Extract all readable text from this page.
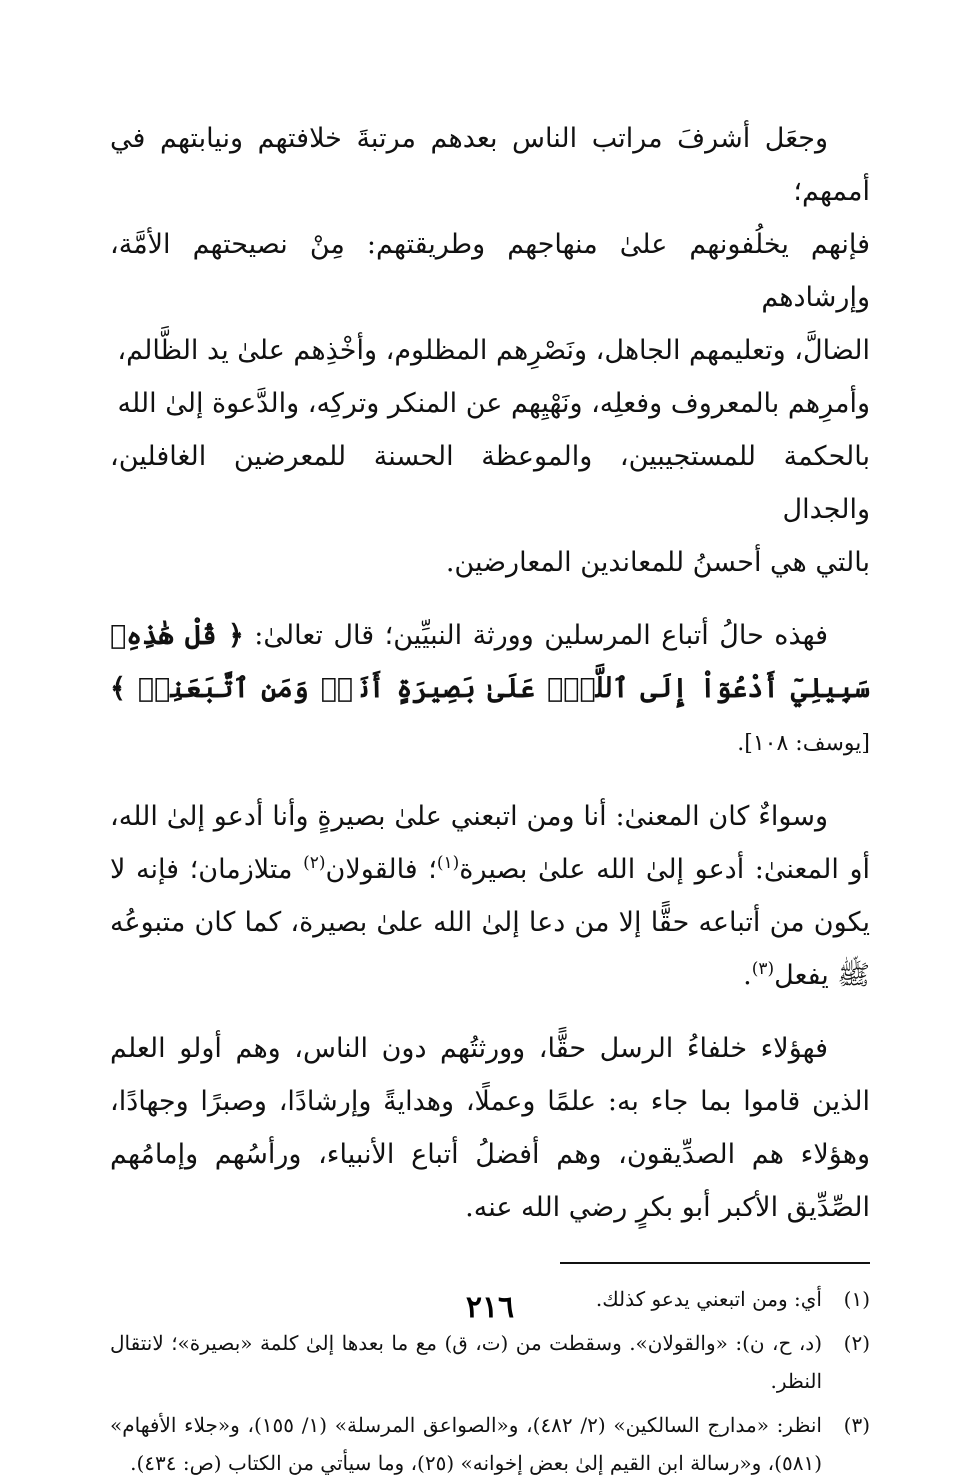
وجعَل أشرفَ مراتب الناس بعدهم مرتبةَ خلافتهم ونيابتهم في أممهم؛

فإنهم يخلُفونهم علىٰ منهاجهم وطريقتهم: مِنْ نصيحتهم الأمَّة، وإرشادهم

الضالَّ، وتعليمهم الجاهل، ونَصْرِهم المظلوم، وأخْذِهم علىٰ يد الظَّالم،

وأمرِهم بالمعروف وفعلِه، ونَهْيِهم عن المنكر وتركِه، والدَّعوة إلىٰ الله

بالحكمة للمستجيبين، والموعظة الحسنة للمعرضين الغافلين، والجدال

بالتي هي أحسنُ للمعاندين المعارضين.

فهذه حالُ أتباع المرسلين وورثة النبيِّين؛ قال تعالىٰ: ﴿ قُلْ هَٰذِهِۦ سَبِيلِيٓ أَدْعُوٓاْ إِلَى ٱللَّهِۚ عَلَىٰ بَصِيرَةٍ أَنَا۠ وَمَنِ ٱتَّبَعَنِيۖ ﴾ [يوسف: ١٠٨].
وسواءٌ كان المعنىٰ: أنا ومن اتبعني علىٰ بصيرةٍ وأنا أدعو إلىٰ الله، أو المعنىٰ: أدعو إلىٰ الله علىٰ بصيرة$^{(١)}$؛ فالقولان$^{(٢)}$ متلازمان؛ فإنه لا يكون من أتباعه حقًّا إلا من دعا إلىٰ الله علىٰ بصيرة، كما كان متبوعُه ﷺ يفعل$^{(٣)}$.
فهؤلاء خلفاءُ الرسل حقًّا، وورثتُهم دون الناس، وهم أولو العلم الذين قاموا بما جاء به: علمًا وعملًا، وهدايةً وإرشادًا، وصبرًا وجهادًا، وهؤلاء هم الصدِّيقون، وهم أفضلُ أتباع الأنبياء، ورأسُهم وإمامُهم الصِّدِّيق الأكبر أبو بكرٍ رضي الله عنه.
(١)
أي: ومن اتبعني يدعو كذلك.
(٢)
(د، ح، ن): «والقولان». وسقطت من (ت، ق) مع ما بعدها إلىٰ كلمة «بصيرة»؛ لانتقال النظر.
(٣)
انظر: «مدارج السالكين» (٢/ ٤٨٢)، و«الصواعق المرسلة» (١/ ١٥٥)، و«جلاء الأفهام» (٥٨١)، و«رسالة ابن القيم إلىٰ بعض إخوانه» (٢٥)، وما سيأتي من الكتاب (ص: ٤٣٤).
٢١٦
